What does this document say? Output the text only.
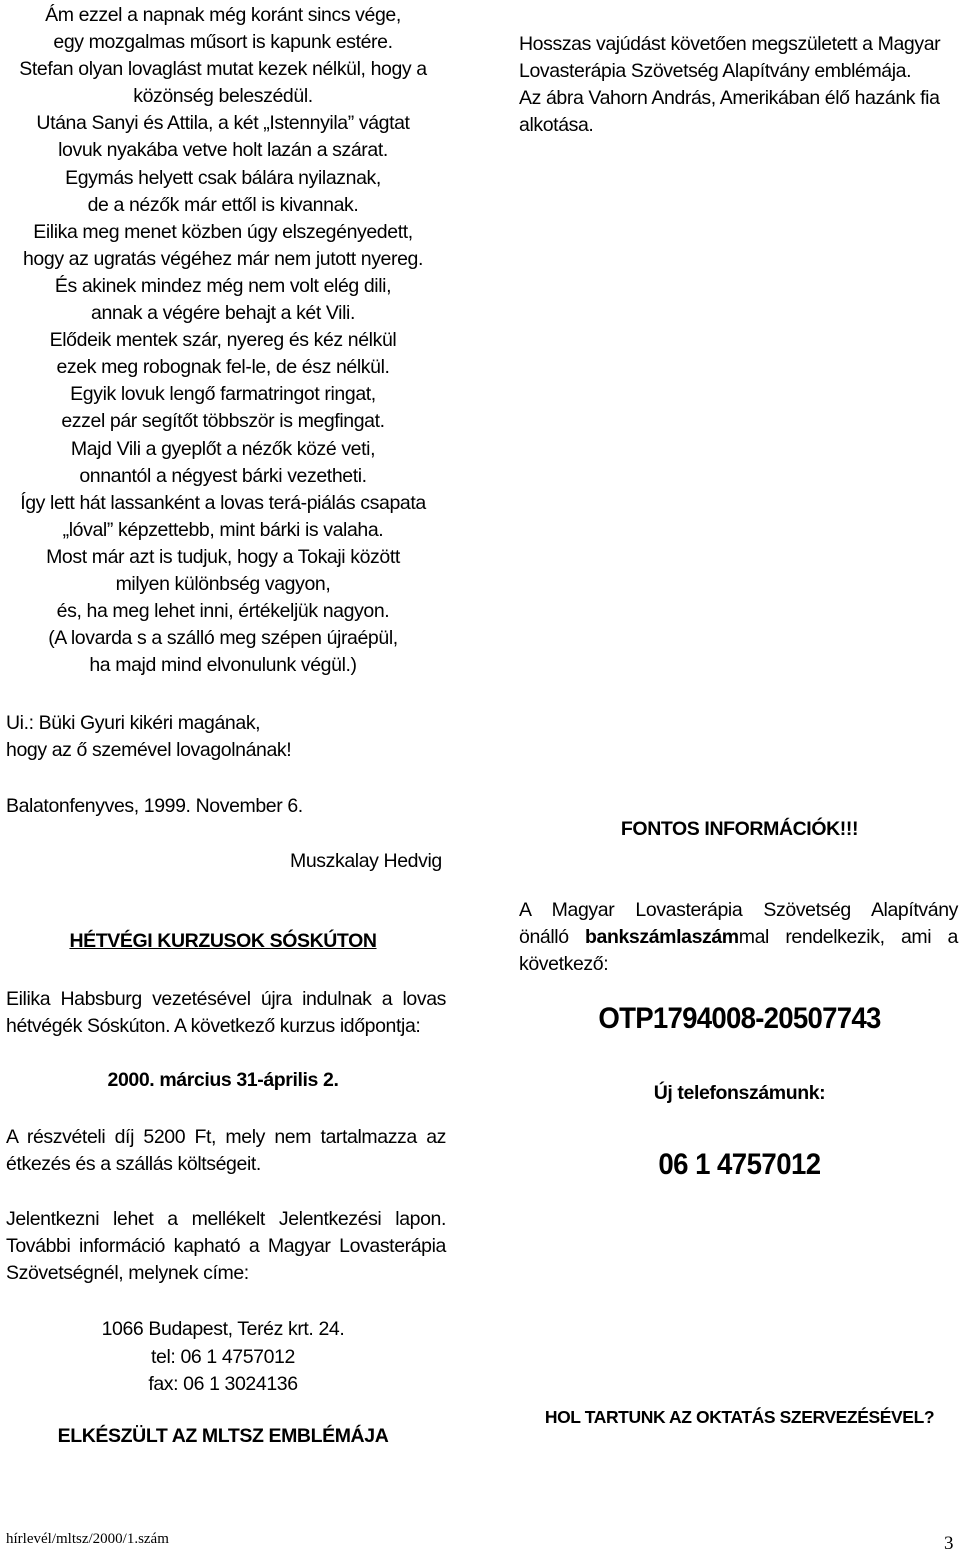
Ám ezzel a napnak még koránt sincs vége,
egy mozgalmas műsort is kapunk estére.
Stefan olyan lovaglást mutat kezek nélkül, hogy a
közönség beleszédül.
Utána Sanyi és Attila, a két „Istennyila” vágtat
lovuk nyakába vetve holt lazán a szárat.
Egymás helyett csak bálára nyilaznak,
de a nézők már ettől is kivannak.
Eilika meg menet közben úgy elszegényedett,
hogy az ugratás végéhez már nem jutott nyereg.
És akinek mindez még nem volt elég dili,
annak a végére behajt a két Vili.
Elődeik mentek szár, nyereg és kéz nélkül
ezek meg robognak fel-le, de ész nélkül.
Egyik lovuk lengő farmatringot ringat,
ezzel pár segítőt többször is megfingat.
Majd Vili a gyeplőt a nézők közé veti,
onnantól a négyest bárki vezetheti.
Így lett hát lassanként a lovas terá-piálás csapata
„lóval” képzettebb, mint bárki is valaha.
Most már azt is tudjuk, hogy a Tokaji között
milyen különbség vagyon,
és, ha meg lehet inni, értékeljük nagyon.
(A lovarda s a szálló meg szépen újraépül,
ha majd mind elvonulunk végül.)
Ui.: Büki Gyuri kikéri magának,
hogy az ő szemével lovagolnának!
Balatonfenyves, 1999. November 6.
Muszkalay Hedvig
HÉTVÉGI KURZUSOK SÓSKÚTON
Eilika Habsburg vezetésével újra indulnak a lovas
hétvégék Sóskúton. A következő kurzus időpontja:
2000. március 31-április 2.
A részvételi díj 5200 Ft, mely nem tartalmazza az
étkezés és a szállás költségeit.
Jelentkezni lehet a mellékelt Jelentkezési lapon.
További információ kapható a Magyar Lovasterápia
Szövetségnél, melynek címe:
1066 Budapest, Teréz krt. 24.
tel: 06 1 4757012
fax: 06 1 3024136
ELKÉSZÜLT AZ MLTSZ EMBLÉMÁJA
Hosszas vajúdást követően megszületett a Magyar
Lovasterápia Szövetség Alapítvány emblémája.
Az ábra Vahorn András, Amerikában élő hazánk fia
alkotása.
FONTOS INFORMÁCIÓK!!!
A Magyar Lovasterápia Szövetség Alapítvány
önálló bankszámlaszámmal rendelkezik, ami a
következő:
OTP1794008-20507743
Új telefonszámunk:
06 1 4757012
HOL TARTUNK AZ OKTATÁS SZERVEZÉSÉVEL?
hírlevél/mltsz/2000/1.szám	3
